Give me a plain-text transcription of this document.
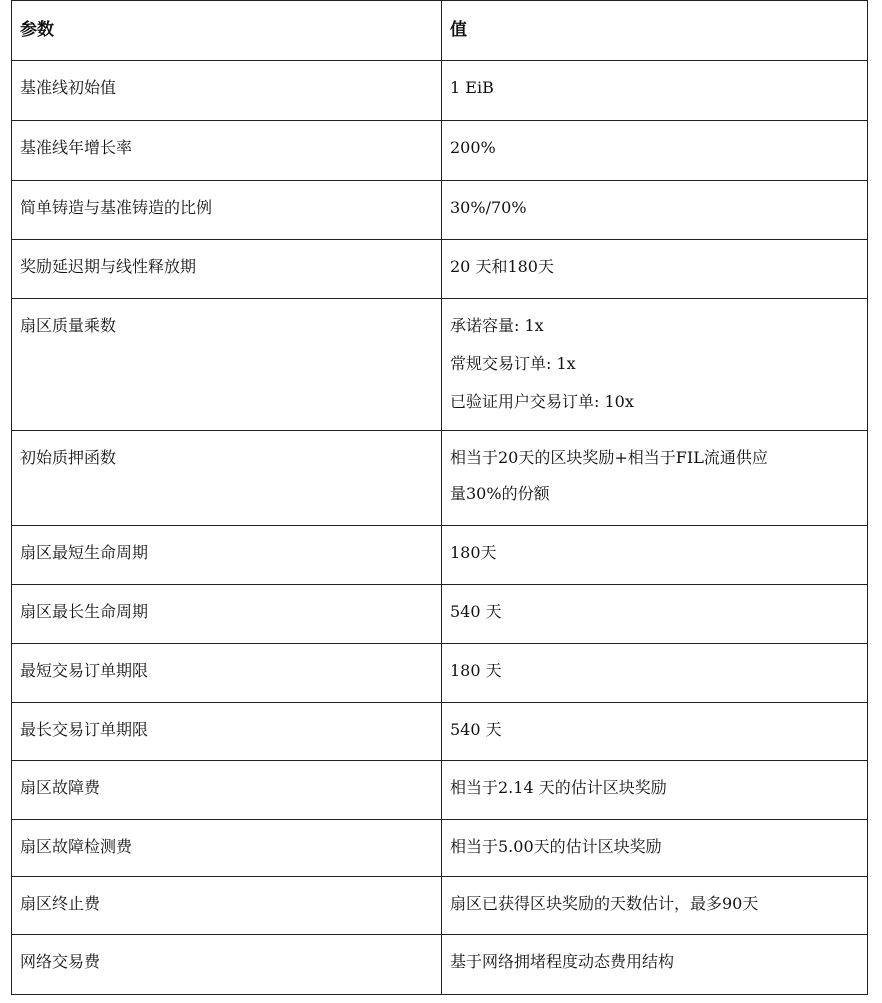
参数	值
基准线初始值	1 EiB

基准线年增长率	200%

简单铸造与基准铸造的比例	30%/70%

奖励延迟期与线性释放期	20 天和180天

扇区质量乘数	承诺容量: 1x
常规交易订单: 1x
已验证用户交易订单: 10x

初始质押函数	相当于20天的区块奖励+相当于FIL流通供应
量30%的份额

扇区最短生命周期	180天

扇区最长生命周期	540 天

最短交易订单期限	180 天

最长交易订单期限	540 天

扇区故障费	相当于2.14 天的估计区块奖励

扇区故障检测费	相当于5.00天的估计区块奖励

扇区终止费	扇区已获得区块奖励的天数估计，最多90天

网络交易费	基于网络拥堵程度动态费用结构
